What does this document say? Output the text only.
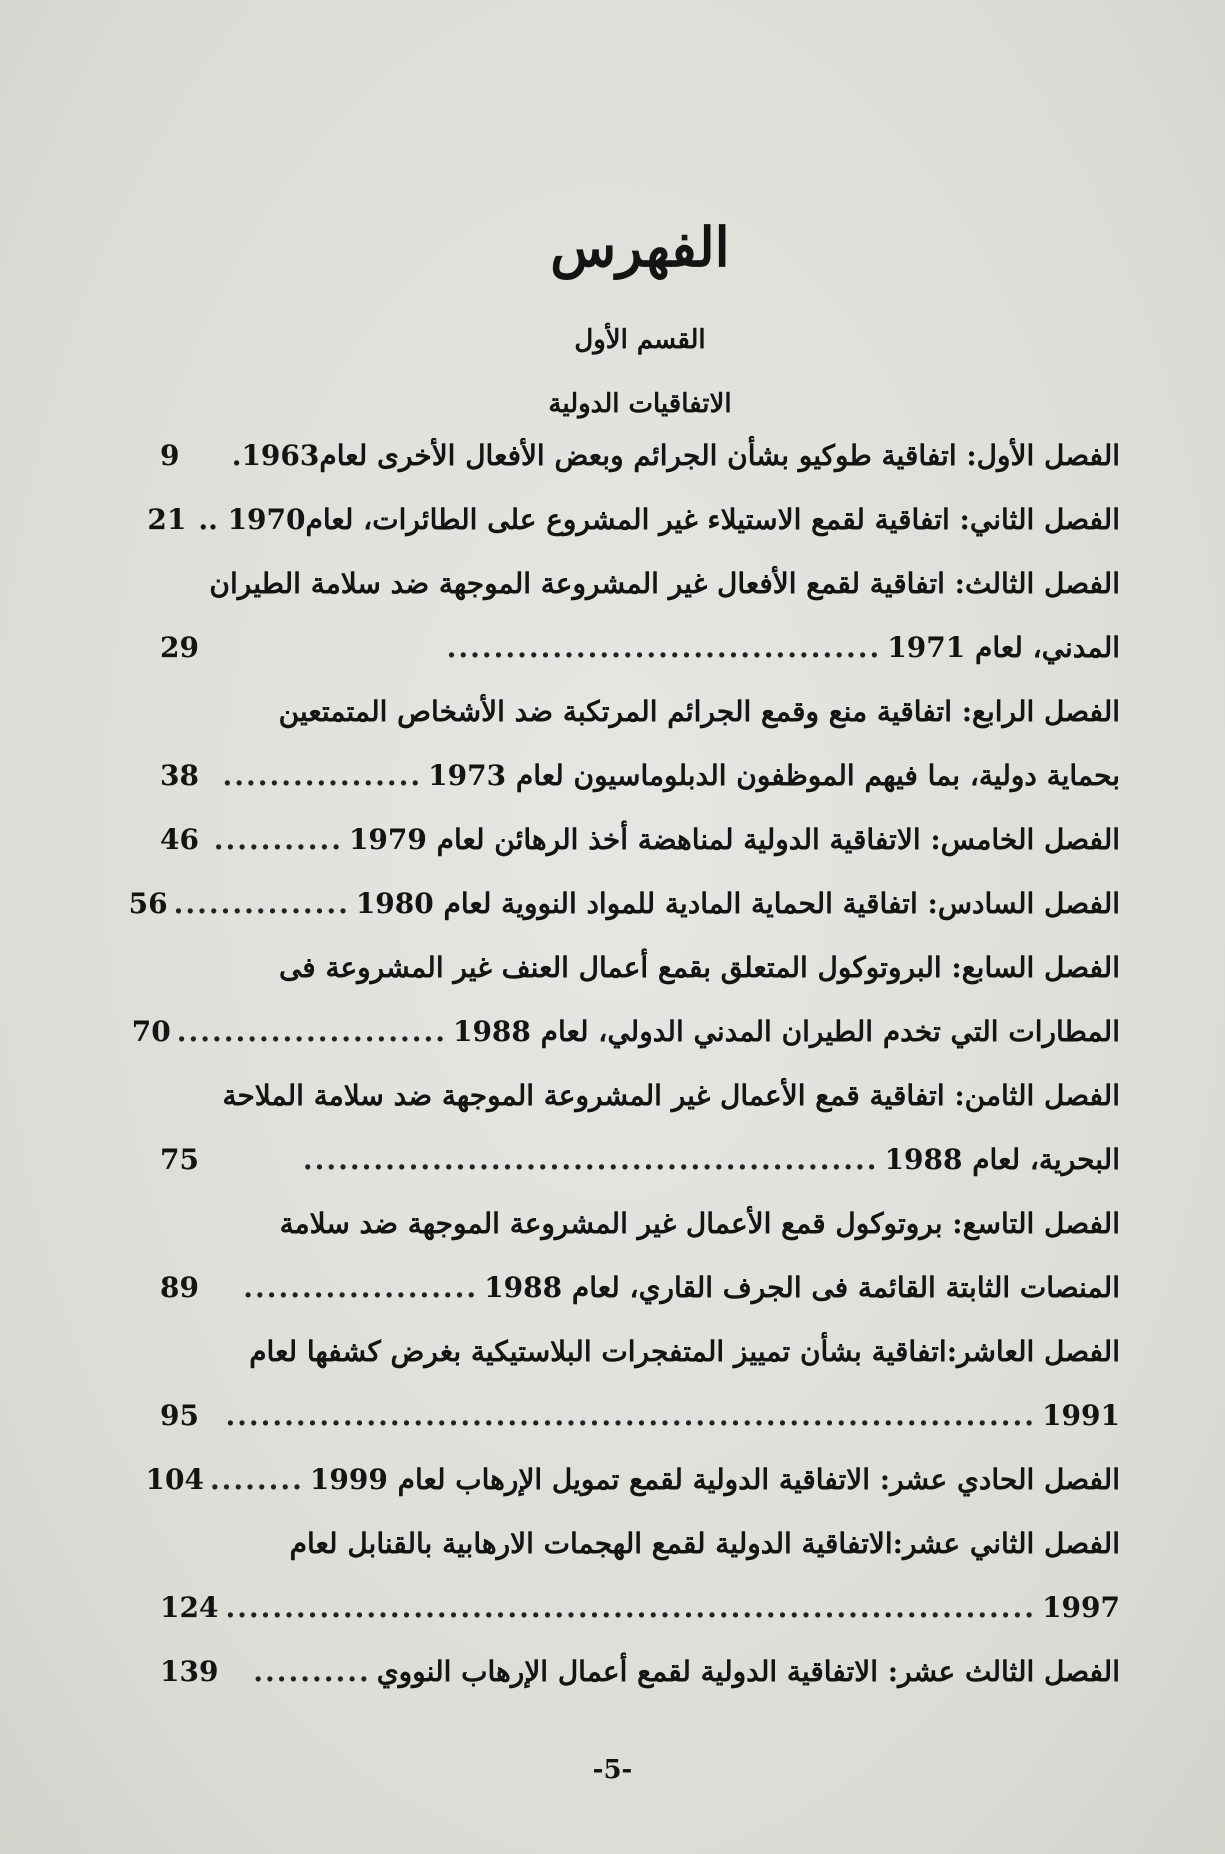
الفهرس
القسم الأول
الاتفاقيات الدولية
الفصل الأول: اتفاقية طوكيو بشأن الجرائم وبعض الأفعال الأخرى لعام1963.
9
الفصل الثاني: اتفاقية لقمع الاستيلاء غير المشروع على الطائرات، لعام1970 ..
21
الفصل الثالث: اتفاقية لقمع الأفعال غير المشروعة الموجهة ضد سلامة الطيران
المدني، لعام 1971
.....................................
29
الفصل الرابع: اتفاقية منع وقمع الجرائم المرتكبة ضد الأشخاص المتمتعين
بحماية دولية، بما فيهم الموظفون الدبلوماسيون لعام 1973
.................
38
الفصل الخامس: الاتفاقية الدولية لمناهضة أخذ الرهائن لعام 1979
...........
46
الفصل السادس: اتفاقية الحماية المادية للمواد النووية لعام 1980
...............
56
الفصل السابع: البروتوكول المتعلق بقمع أعمال العنف غير المشروعة فى
المطارات التي تخدم الطيران المدني الدولي، لعام 1988
.......................
70
الفصل الثامن: اتفاقية قمع الأعمال غير المشروعة الموجهة ضد سلامة الملاحة
البحرية، لعام 1988
.................................................
75
الفصل التاسع: بروتوكول قمع الأعمال غير المشروعة الموجهة ضد سلامة
المنصات الثابتة القائمة فى الجرف القاري، لعام 1988
....................
89
الفصل العاشر:اتفاقية بشأن تمييز المتفجرات البلاستيكية بغرض كشفها لعام
1991
.....................................................................
95
الفصل الحادي عشر: الاتفاقية الدولية لقمع تمويل الإرهاب لعام 1999
........
104
الفصل الثاني عشر:الاتفاقية الدولية لقمع الهجمات الارهابية بالقنابل لعام
1997
.....................................................................
124
الفصل الثالث عشر: الاتفاقية الدولية لقمع أعمال الإرهاب النووي
..........
139
-5-
